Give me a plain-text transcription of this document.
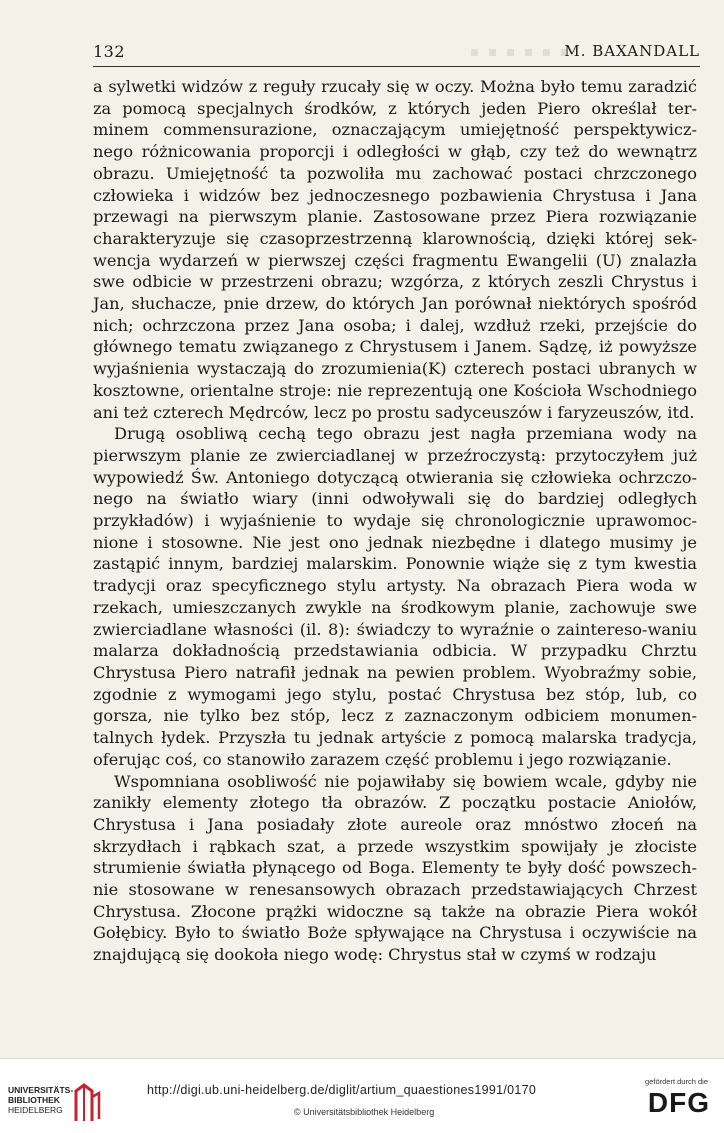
▪ ▪ ▪ ▪ ▪ ▪
132	M. BAXANDALL

a sylwetki widzów z reguły rzucały się w oczy. Można było temu zaradzić za pomocą specjalnych środków, z których jeden Piero określał ter-minem commensurazione, oznaczającym umiejętność perspektywicz-nego różnicowania proporcji i odległości w głąb, czy też do wewnątrz obrazu. Umiejętność ta pozwoliła mu zachować postaci chrzczonego człowieka i widzów bez jednoczesnego pozbawienia Chrystusa i Jana przewagi na pierwszym planie. Zastosowane przez Piera rozwiązanie charakteryzuje się czasoprzestrzenną klarownością, dzięki której sek-wencja wydarzeń w pierwszej części fragmentu Ewangelii (U) znalazła swe odbicie w przestrzeni obrazu; wzgórza, z których zeszli Chrystus i Jan, słuchacze, pnie drzew, do których Jan porównał niektórych spośród nich; ochrzczona przez Jana osoba; i dalej, wzdłuż rzeki, przejście do głównego tematu związanego z Chrystusem i Janem. Sądzę, iż powyższe wyjaśnienia wystaczają do zrozumienia(K) czterech postaci ubranych w kosztowne, orientalne stroje: nie reprezentują one Kościoła Wschodniego ani też czterech Mędrców, lecz po prostu sadyceuszów i faryzeuszów, itd.

Drugą osobliwą cechą tego obrazu jest nagła przemiana wody na pierwszym planie ze zwierciadlanej w przeźroczystą: przytoczyłem już wypowiedź Św. Antoniego dotyczącą otwierania się człowieka ochrzczo-nego na światło wiary (inni odwoływali się do bardziej odległych przykładów) i wyjaśnienie to wydaje się chronologicznie uprawomoc-nione i stosowne. Nie jest ono jednak niezbędne i dlatego musimy je zastąpić innym, bardziej malarskim. Ponownie wiąże się z tym kwestia tradycji oraz specyficznego stylu artysty. Na obrazach Piera woda w rzekach, umieszczanych zwykle na środkowym planie, zachowuje swe zwierciadlane własności (il. 8): świadczy to wyraźnie o zaintereso-waniu malarza dokładnością przedstawiania odbicia. W przypadku Chrztu Chrystusa Piero natrafił jednak na pewien problem. Wyobraźmy sobie, zgodnie z wymogami jego stylu, postać Chrystusa bez stóp, lub, co gorsza, nie tylko bez stóp, lecz z zaznaczonym odbiciem monumen-talnych łydek. Przyszła tu jednak artyście z pomocą malarska tradycja, oferując coś, co stanowiło zarazem część problemu i jego rozwiązanie.

Wspomniana osobliwość nie pojawiłaby się bowiem wcale, gdyby nie zanikły elementy złotego tła obrazów. Z początku postacie Aniołów, Chrystusa i Jana posiadały złote aureole oraz mnóstwo złoceń na skrzydłach i rąbkach szat, a przede wszystkim spowijały je złociste strumienie światła płynącego od Boga. Elementy te były dość powszech-nie stosowane w renesansowych obrazach przedstawiających Chrzest Chrystusa. Złocone prążki widoczne są także na obrazie Piera wokół Gołębicy. Było to światło Boże spływające na Chrystusa i oczywiście na znajdującą się dookoła niego wodę: Chrystus stał w czymś w rodzaju

UNIVERSITÄTS-
BIBLIOTHEK
HEIDELBERG
http://digi.ub.uni-heidelberg.de/diglit/artium_quaestiones1991/0170
© Universitätsbibliothek Heidelberg
gefördert durch die
DFG
